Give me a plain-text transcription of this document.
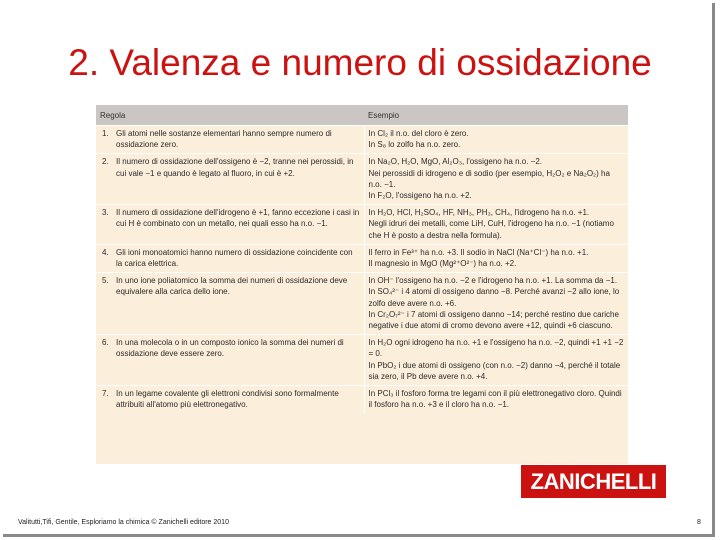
2. Valenza e numero di ossidazione
Regola	Esempio

1. Gli atomi nelle sostanze elementari hanno sempre numero di ossidazione zero.	In Cl₂ il n.o. del cloro è zero.
In S₈ lo zolfo ha n.o. zero.

2. Il numero di ossidazione dell'ossigeno è −2, tranne nei perossidi, in cui vale −1 e quando è legato al fluoro, in cui è +2.	In Na₂O, H₂O, MgO, Al₂O₃, l'ossigeno ha n.o. −2.
Nei perossidi di idrogeno e di sodio (per esempio, H₂O₂ e Na₂O₂) ha n.o. −1.
In F₂O, l'ossigeno ha n.o. +2.

3. Il numero di ossidazione dell'idrogeno è +1, fanno eccezione i casi in cui H è combinato con un metallo, nei quali esso ha n.o. −1.	In H₂O, HCl, H₂SO₄, HF, NH₃, PH₃, CH₄, l'idrogeno ha n.o. +1.
Negli idruri dei metalli, come LiH, CuH, l'idrogeno ha n.o. −1 (notiamo che H è posto a destra nella formula).

4. Gli ioni monoatomici hanno numero di ossidazione coincidente con la carica elettrica.	Il ferro in Fe³⁺ ha n.o. +3. Il sodio in NaCl (Na⁺Cl⁻) ha n.o. +1.
Il magnesio in MgO (Mg²⁺O²⁻) ha n.o. +2.

5. In uno ione poliatomico la somma dei numeri di ossidazione deve equivalere alla carica dello ione.	In OH⁻ l'ossigeno ha n.o. −2 e l'idrogeno ha n.o. +1. La somma da −1.
In SO₄²⁻ i 4 atomi di ossigeno danno −8. Perché avanzi −2 allo ione, lo zolfo deve avere n.o. +6.
In Cr₂O₇²⁻ i 7 atomi di ossigeno danno −14; perché restino due cariche negative i due atomi di cromo devono avere +12, quindi +6 ciascuno.

6. In una molecola o in un composto ionico la somma dei numeri di ossidazione deve essere zero.	In H₂O ogni idrogeno ha n.o. +1 e l'ossigeno ha n.o. −2, quindi +1 +1 −2 = 0.
In PbO₂ i due atomi di ossigeno (con n.o. −2) danno −4, perché il totale sia zero, il Pb deve avere n.o. +4.

7. In un legame covalente gli elettroni condivisi sono formalmente attribuiti all'atomo più elettronegativo.	In PCl₃ il fosforo forma tre legami con il più elettronegativo cloro. Quindi il fosforo ha n.o. +3 e il cloro ha n.o. −1.
ZANICHELLI
Valitutti,Tifi, Gentile, Esploriamo la chimica © Zanichelli editore 2010	8
